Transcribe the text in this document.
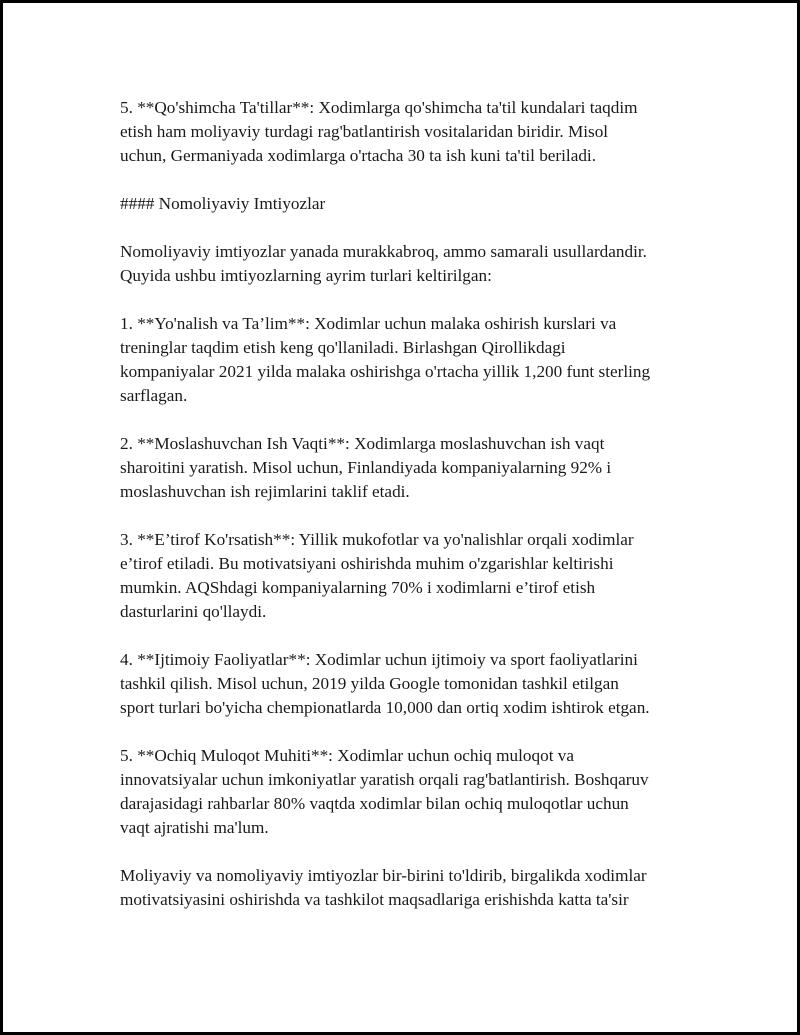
5. **Qo'shimcha Ta'tillar**: Xodimlarga qo'shimcha ta'til kundalari taqdim
etish ham moliyaviy turdagi rag'batlantirish vositalaridan biridir. Misol
uchun, Germaniyada xodimlarga o'rtacha 30 ta ish kuni ta'til beriladi.

#### Nomoliyaviy Imtiyozlar

Nomoliyaviy imtiyozlar yanada murakkabroq, ammo samarali usullardandir.
Quyida ushbu imtiyozlarning ayrim turlari keltirilgan:

1. **Yo'nalish va Ta’lim**: Xodimlar uchun malaka oshirish kurslari va
treninglar taqdim etish keng qo'llaniladi. Birlashgan Qirollikdagi
kompaniyalar 2021 yilda malaka oshirishga o'rtacha yillik 1,200 funt sterling
sarflagan.

2. **Moslashuvchan Ish Vaqti**: Xodimlarga moslashuvchan ish vaqt
sharoitini yaratish. Misol uchun, Finlandiyada kompaniyalarning 92% i
moslashuvchan ish rejimlarini taklif etadi.

3. **E’tirof Ko'rsatish**: Yillik mukofotlar va yo'nalishlar orqali xodimlar
e’tirof etiladi. Bu motivatsiyani oshirishda muhim o'zgarishlar keltirishi
mumkin. AQShdagi kompaniyalarning 70% i xodimlarni e’tirof etish
dasturlarini qo'llaydi.

4. **Ijtimoiy Faoliyatlar**: Xodimlar uchun ijtimoiy va sport faoliyatlarini
tashkil qilish. Misol uchun, 2019 yilda Google tomonidan tashkil etilgan
sport turlari bo'yicha chempionatlarda 10,000 dan ortiq xodim ishtirok etgan.

5. **Ochiq Muloqot Muhiti**: Xodimlar uchun ochiq muloqot va
innovatsiyalar uchun imkoniyatlar yaratish orqali rag'batlantirish. Boshqaruv
darajasidagi rahbarlar 80% vaqtda xodimlar bilan ochiq muloqotlar uchun
vaqt ajratishi ma'lum.

Moliyaviy va nomoliyaviy imtiyozlar bir-birini to'ldirib, birgalikda xodimlar
motivatsiyasini oshirishda va tashkilot maqsadlariga erishishda katta ta'sir
